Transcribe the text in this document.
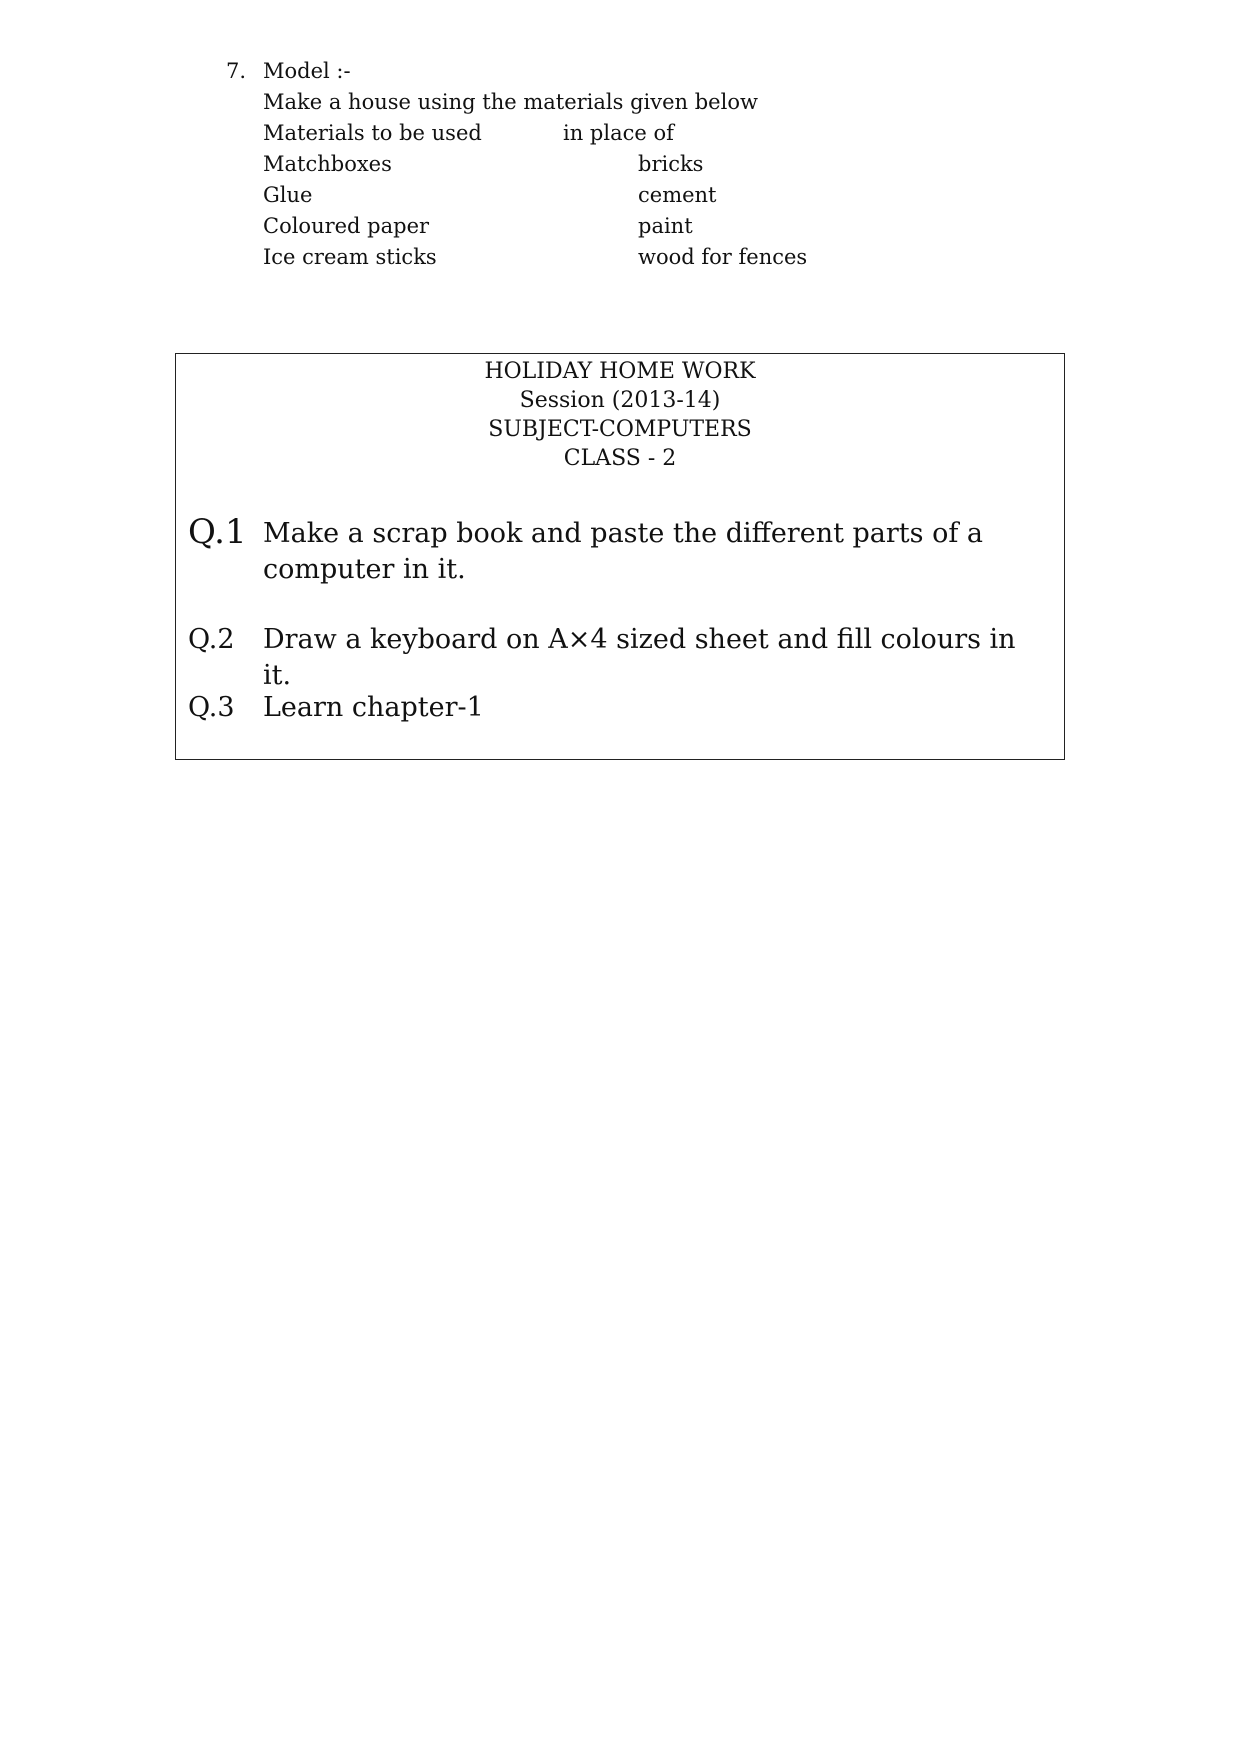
7. Model :-
Make a house using the materials given below
Materials to be used	in place of
Matchboxes	bricks
Glue	cement
Coloured paper	paint
Ice cream sticks	wood for fences
HOLIDAY HOME WORK
Session (2013-14)
SUBJECT-COMPUTERS
CLASS - 2
Q.1 Make a scrap book and paste the different parts of a computer in it.
Q.2 Draw a keyboard on A×4 sized sheet and fill colours in it.
Q.3 Learn chapter-1
